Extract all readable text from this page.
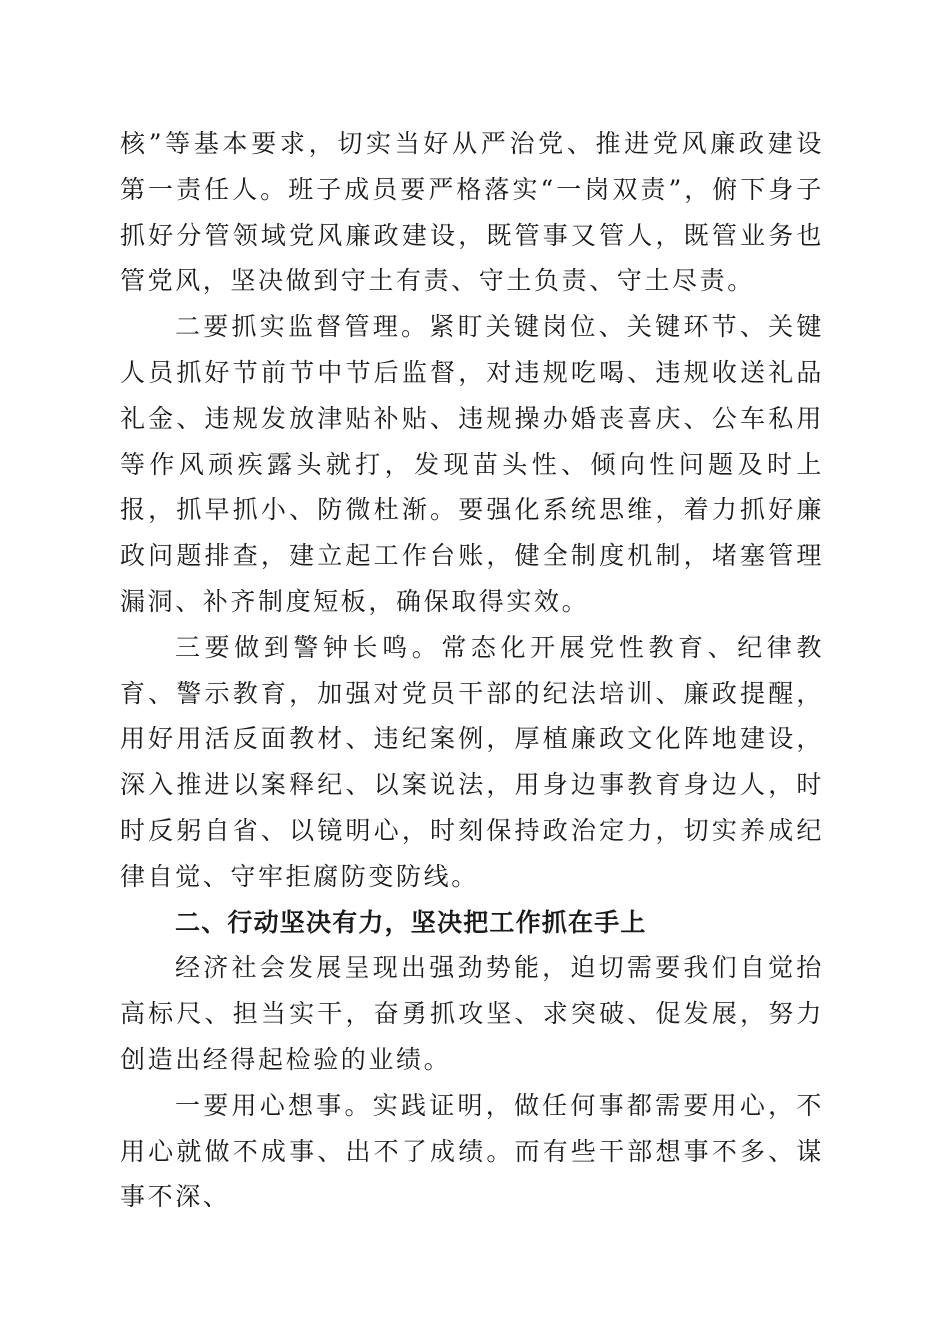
核”等基本要求，切实当好从严治党、推进党风廉政建设第一责任人。班子成员要严格落实“一岗双责”，俯下身子抓好分管领域党风廉政建设，既管事又管人，既管业务也管党风，坚决做到守土有责、守土负责、守土尽责。

二要抓实监督管理。紧盯关键岗位、关键环节、关键人员抓好节前节中节后监督，对违规吃喝、违规收送礼品礼金、违规发放津贴补贴、违规操办婚丧喜庆、公车私用等作风顽疾露头就打，发现苗头性、倾向性问题及时上报，抓早抓小、防微杜渐。要强化系统思维，着力抓好廉政问题排查，建立起工作台账，健全制度机制，堵塞管理漏洞、补齐制度短板，确保取得实效。

三要做到警钟长鸣。常态化开展党性教育、纪律教育、警示教育，加强对党员干部的纪法培训、廉政提醒，用好用活反面教材、违纪案例，厚植廉政文化阵地建设，深入推进以案释纪、以案说法，用身边事教育身边人，时时反躬自省、以镜明心，时刻保持政治定力，切实养成纪律自觉、守牢拒腐防变防线。

二、行动坚决有力，坚决把工作抓在手上

经济社会发展呈现出强劲势能，迫切需要我们自觉抬高标尺、担当实干，奋勇抓攻坚、求突破、促发展，努力创造出经得起检验的业绩。

一要用心想事。实践证明，做任何事都需要用心，不用心就做不成事、出不了成绩。而有些干部想事不多、谋事不深、
